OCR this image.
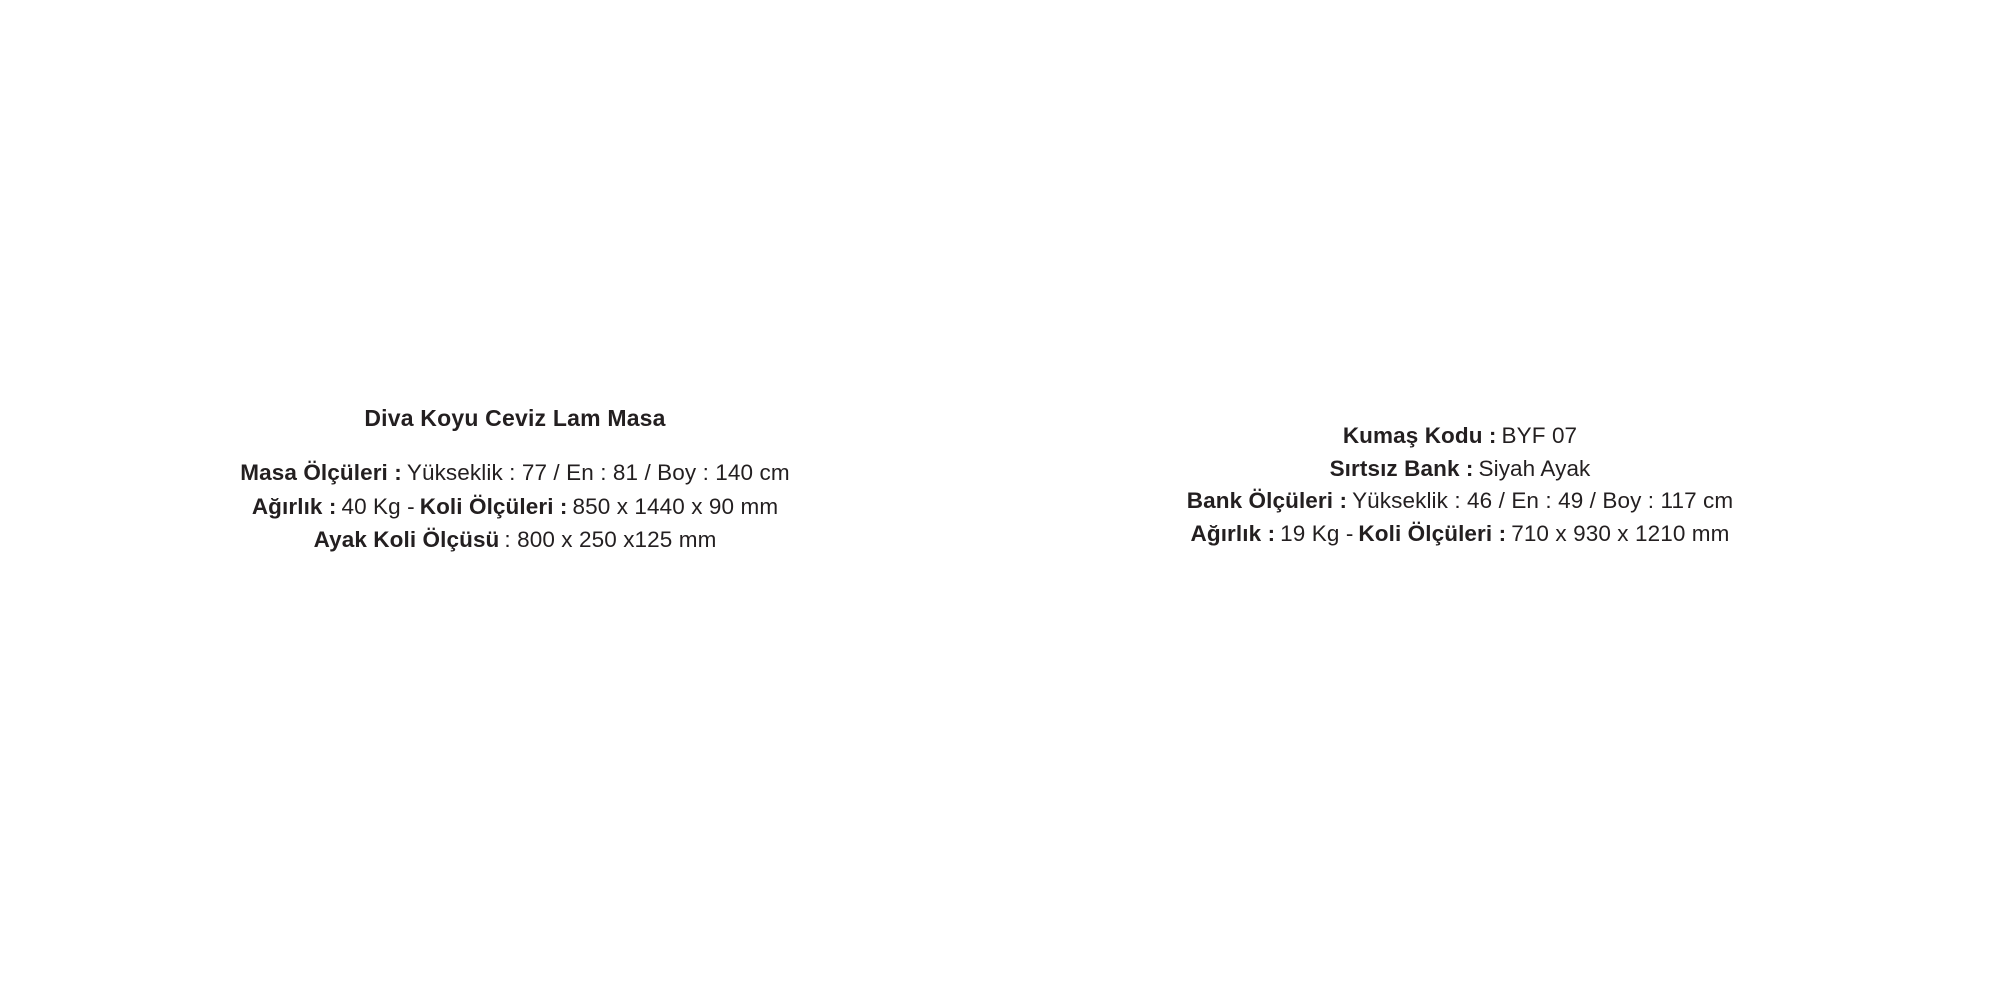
Diva Koyu Ceviz Lam Masa
Masa Ölçüleri : Yükseklik : 77 / En : 81 / Boy : 140 cm
Ağırlık : 40 Kg - Koli Ölçüleri : 850 x 1440 x 90 mm
Ayak Koli Ölçüsü : 800 x 250 x125 mm
Kumaş Kodu : BYF 07
Sırtsız Bank : Siyah Ayak
Bank Ölçüleri : Yükseklik : 46 / En : 49 / Boy : 117 cm
Ağırlık : 19 Kg - Koli Ölçüleri : 710 x 930 x 1210 mm
